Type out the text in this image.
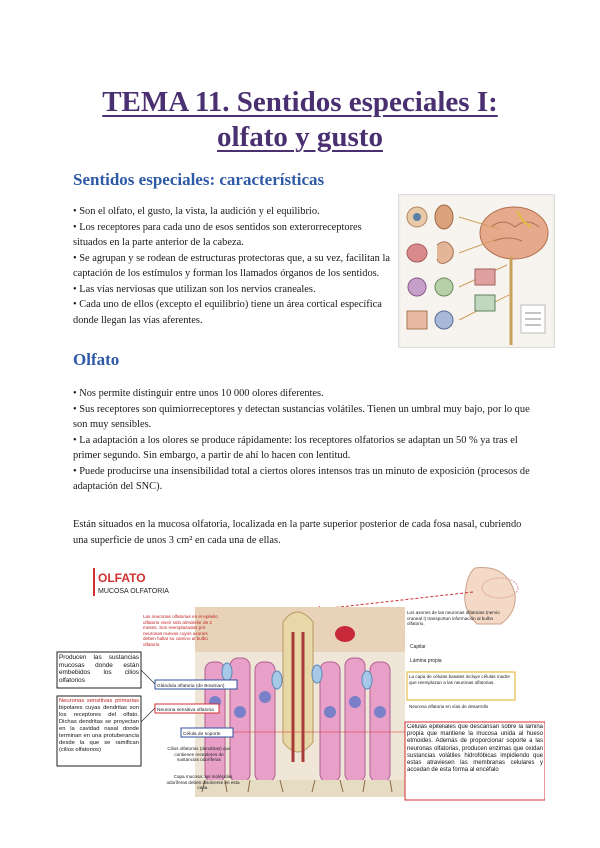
TEMA 11. Sentidos especiales I:
olfato y gusto
Sentidos especiales: características

• Son el olfato, el gusto, la vista, la audición y el equilibrio.

• Los receptores para cada uno de esos sentidos son exterorreceptores situados en la parte anterior de la cabeza.

• Se agrupan y se rodean de estructuras protectoras que, a su vez, facilitan la captación de los estímulos y forman los llamados órganos de los sentidos.

• Las vías nerviosas que utilizan son los nervios craneales.

• Cada uno de ellos (excepto el equilibrio) tiene un área cortical específica donde llegan las vías aferentes.

Olfato

• Nos permite distinguir entre unos 10 000 olores diferentes.

• Sus receptores son quimiorreceptores y detectan sustancias volátiles. Tienen un umbral muy bajo, por lo que son muy sensibles.

• La adaptación a los olores se produce rápidamente: los receptores olfatorios se adaptan un 50 % ya tras el primer segundo. Sin embargo, a partir de ahí lo hacen con lentitud.

• Puede producirse una insensibilidad total a ciertos olores intensos tras un minuto de exposición (procesos de adaptación del SNC).

Están situados en la mucosa olfatoria, localizada en la parte superior posterior de cada fosa nasal, cubriendo una superficie de unos 3 cm² en cada una de ellas.

OLFATO
MUCOSA OLFATORIA
Las neuronas olfatorias en el epitelio olfatorio viven solo alrededor de 2 meses. Son reemplazadas por neuronas nuevas cuyos axones deben hallar su camino al bulbo olfatorio.
Los axones de las neuronas olfatorias (nervio craneal I) transportan información al bulbo olfatorio.
Capilar
Lámina propia
La capa de células basales incluye células madre que reemplazan a las neuronas olfatorias.
Neurona olfatoria en vías de desarrollo
Glándula olfatoria (de Bowman)
Neurona sensitiva olfatoria
Célula de soporte
Cilios olfatorios (dendritas) que contienen receptores de sustancias odoríferas
Capa mucosa: las moléculas odoríferas deben disolverse en esta capa.
Producen las sustancias mucosas donde están embebidos los cilios olfatorios
Neuronas sensitivas primarias bipolares cuyas dendritas son los receptores del olfato. Dichas dendritas se proyectan en la cavidad nasal donde terminan en una protuberancia desde la que se ramifican (cilios olfatorios)
Células epiteliales que descansan sobre la lámina propia que mantiene la mucosa unida al hueso etmoides. Además de proporcionar soporte a las neuronas olfatorias, producen enzimas que oxidan sustancias volátiles hidrofóbicas impidiendo que estas atraviesen las membranas celulares y accedan de esta forma al encéfalo
